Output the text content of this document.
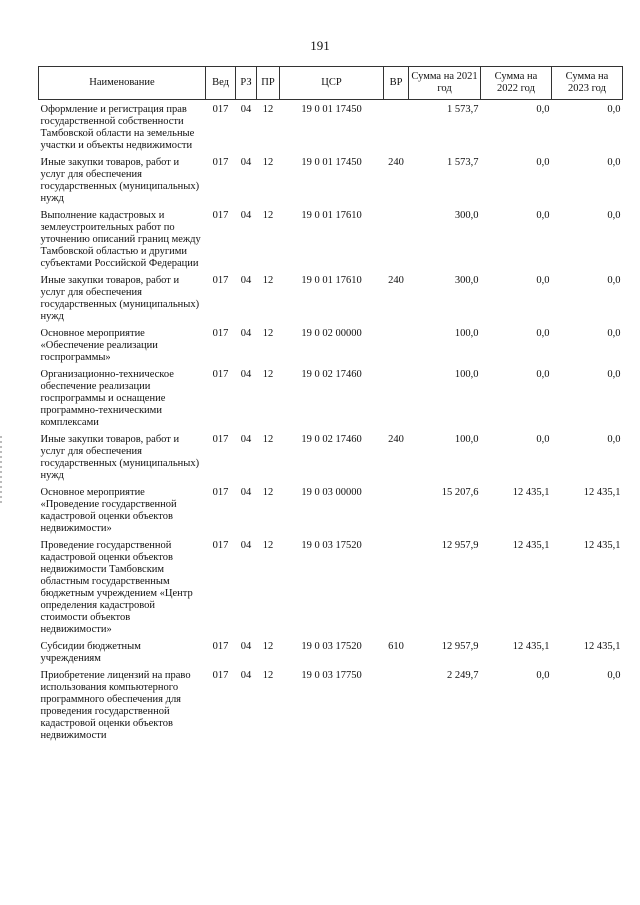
191
Наименование	Вед	РЗ	ПР	ЦСР	ВР	Сумма на 2021 год	Сумма на 2022 год	Сумма на 2023 год
Оформление и регистрация прав государственной собственности Тамбовской области на земельные участки и объекты недвижимости	017	04	12	19 0 01 17450		1 573,7	0,0	0,0
Иные закупки товаров, работ и услуг для обеспечения государственных (муниципальных) нужд	017	04	12	19 0 01 17450	240	1 573,7	0,0	0,0
Выполнение кадастровых и землеустроительных работ по уточнению описаний границ между Тамбовской областью и другими субъектами Российской Федерации	017	04	12	19 0 01 17610		300,0	0,0	0,0
Иные закупки товаров, работ и услуг для обеспечения государственных (муниципальных) нужд	017	04	12	19 0 01 17610	240	300,0	0,0	0,0
Основное мероприятие «Обеспечение реализации госпрограммы»	017	04	12	19 0 02 00000		100,0	0,0	0,0
Организационно-техническое обеспечение реализации госпрограммы и оснащение программно-техническими комплексами	017	04	12	19 0 02 17460		100,0	0,0	0,0
Иные закупки товаров, работ и услуг для обеспечения государственных (муниципальных) нужд	017	04	12	19 0 02 17460	240	100,0	0,0	0,0
Основное мероприятие «Проведение государственной кадастровой оценки объектов недвижимости»	017	04	12	19 0 03 00000		15 207,6	12 435,1	12 435,1
Проведение государственной кадастровой оценки объектов недвижимости Тамбовским областным государственным бюджетным учреждением «Центр определения кадастровой стоимости объектов недвижимости»	017	04	12	19 0 03 17520		12 957,9	12 435,1	12 435,1
Субсидии бюджетным учреждениям	017	04	12	19 0 03 17520	610	12 957,9	12 435,1	12 435,1
Приобретение лицензий на право использования компьютерного программного обеспечения для проведения государственной кадастровой оценки объектов недвижимости	017	04	12	19 0 03 17750		2 249,7	0,0	0,0
